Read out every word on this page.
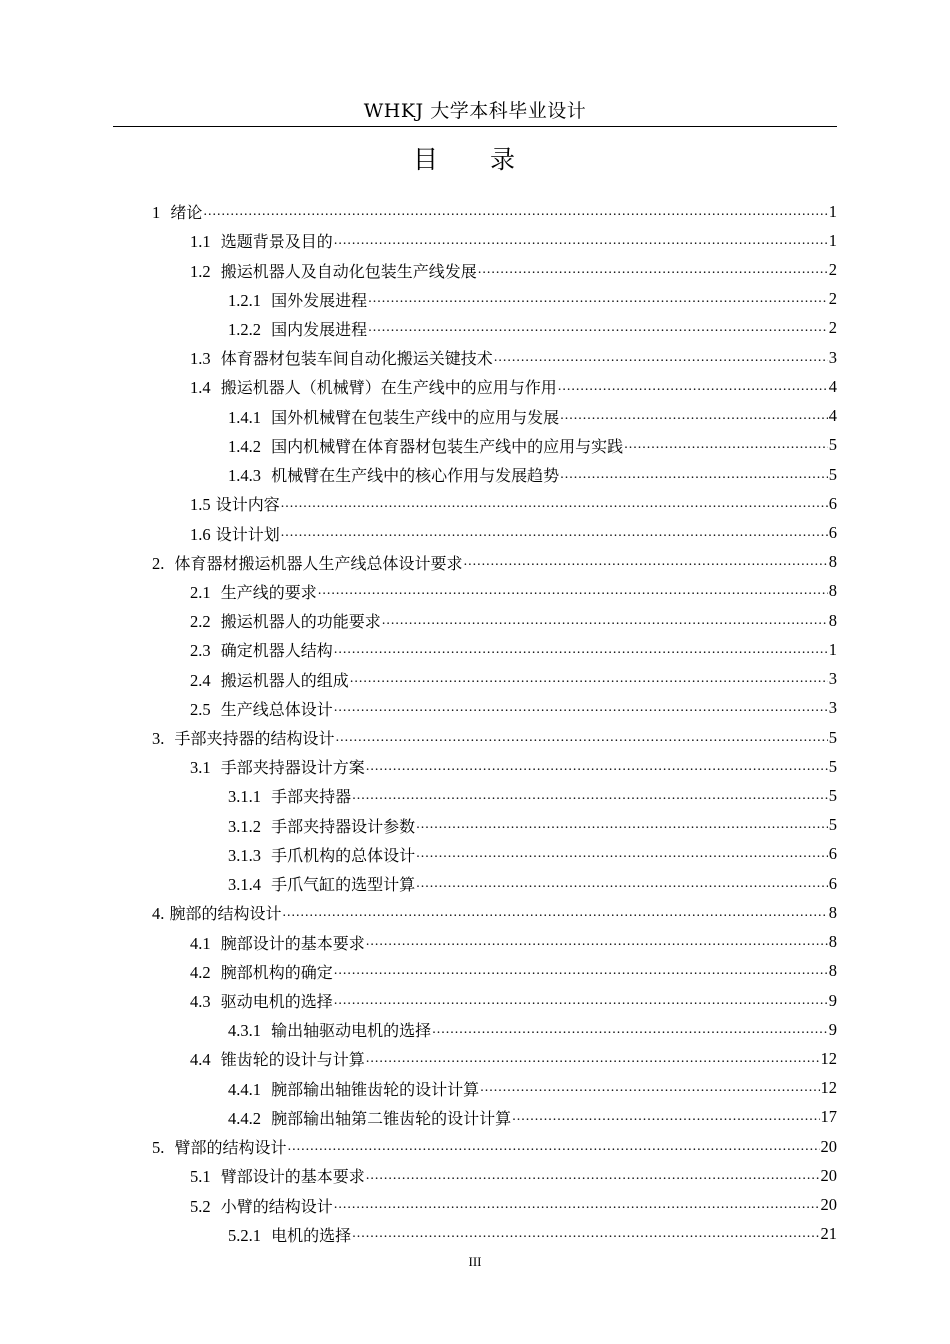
WHKJ 大学本科毕业设计
目 录
1 绪论 .....	1
1.1 选题背景及目的 .....	1
1.2 搬运机器人及自动化包装生产线发展 .....	2
1.2.1 国外发展进程 .....	2
1.2.2 国内发展进程 .....	2
1.3 体育器材包装车间自动化搬运关键技术 .....	3
1.4 搬运机器人（机械臂）在生产线中的应用与作用 .....	4
1.4.1 国外机械臂在包装生产线中的应用与发展 .....	4
1.4.2 国内机械臂在体育器材包装生产线中的应用与实践 .....	5
1.4.3 机械臂在生产线中的核心作用与发展趋势 .....	5
1.5 设计内容 .....	6
1.6 设计计划 .....	6
2. 体育器材搬运机器人生产线总体设计要求 .....	8
2.1 生产线的要求 .....	8
2.2 搬运机器人的功能要求 .....	8
2.3 确定机器人结构 .....	1
2.4 搬运机器人的组成 .....	3
2.5 生产线总体设计 .....	3
3. 手部夹持器的结构设计 .....	5
3.1 手部夹持器设计方案 .....	5
3.1.1 手部夹持器 .....	5
3.1.2 手部夹持器设计参数 .....	5
3.1.3 手爪机构的总体设计 .....	6
3.1.4 手爪气缸的选型计算 .....	6
4. 腕部的结构设计 .....	8
4.1 腕部设计的基本要求 .....	8
4.2 腕部机构的确定 .....	8
4.3 驱动电机的选择 .....	9
4.3.1 输出轴驱动电机的选择 .....	9
4.4 锥齿轮的设计与计算 .....	12
4.4.1 腕部输出轴锥齿轮的设计计算 .....	12
4.4.2 腕部输出轴第二锥齿轮的设计计算 .....	17
5. 臂部的结构设计 .....	20
5.1 臂部设计的基本要求 .....	20
5.2 小臂的结构设计 .....	20
5.2.1 电机的选择 .....	21
III
